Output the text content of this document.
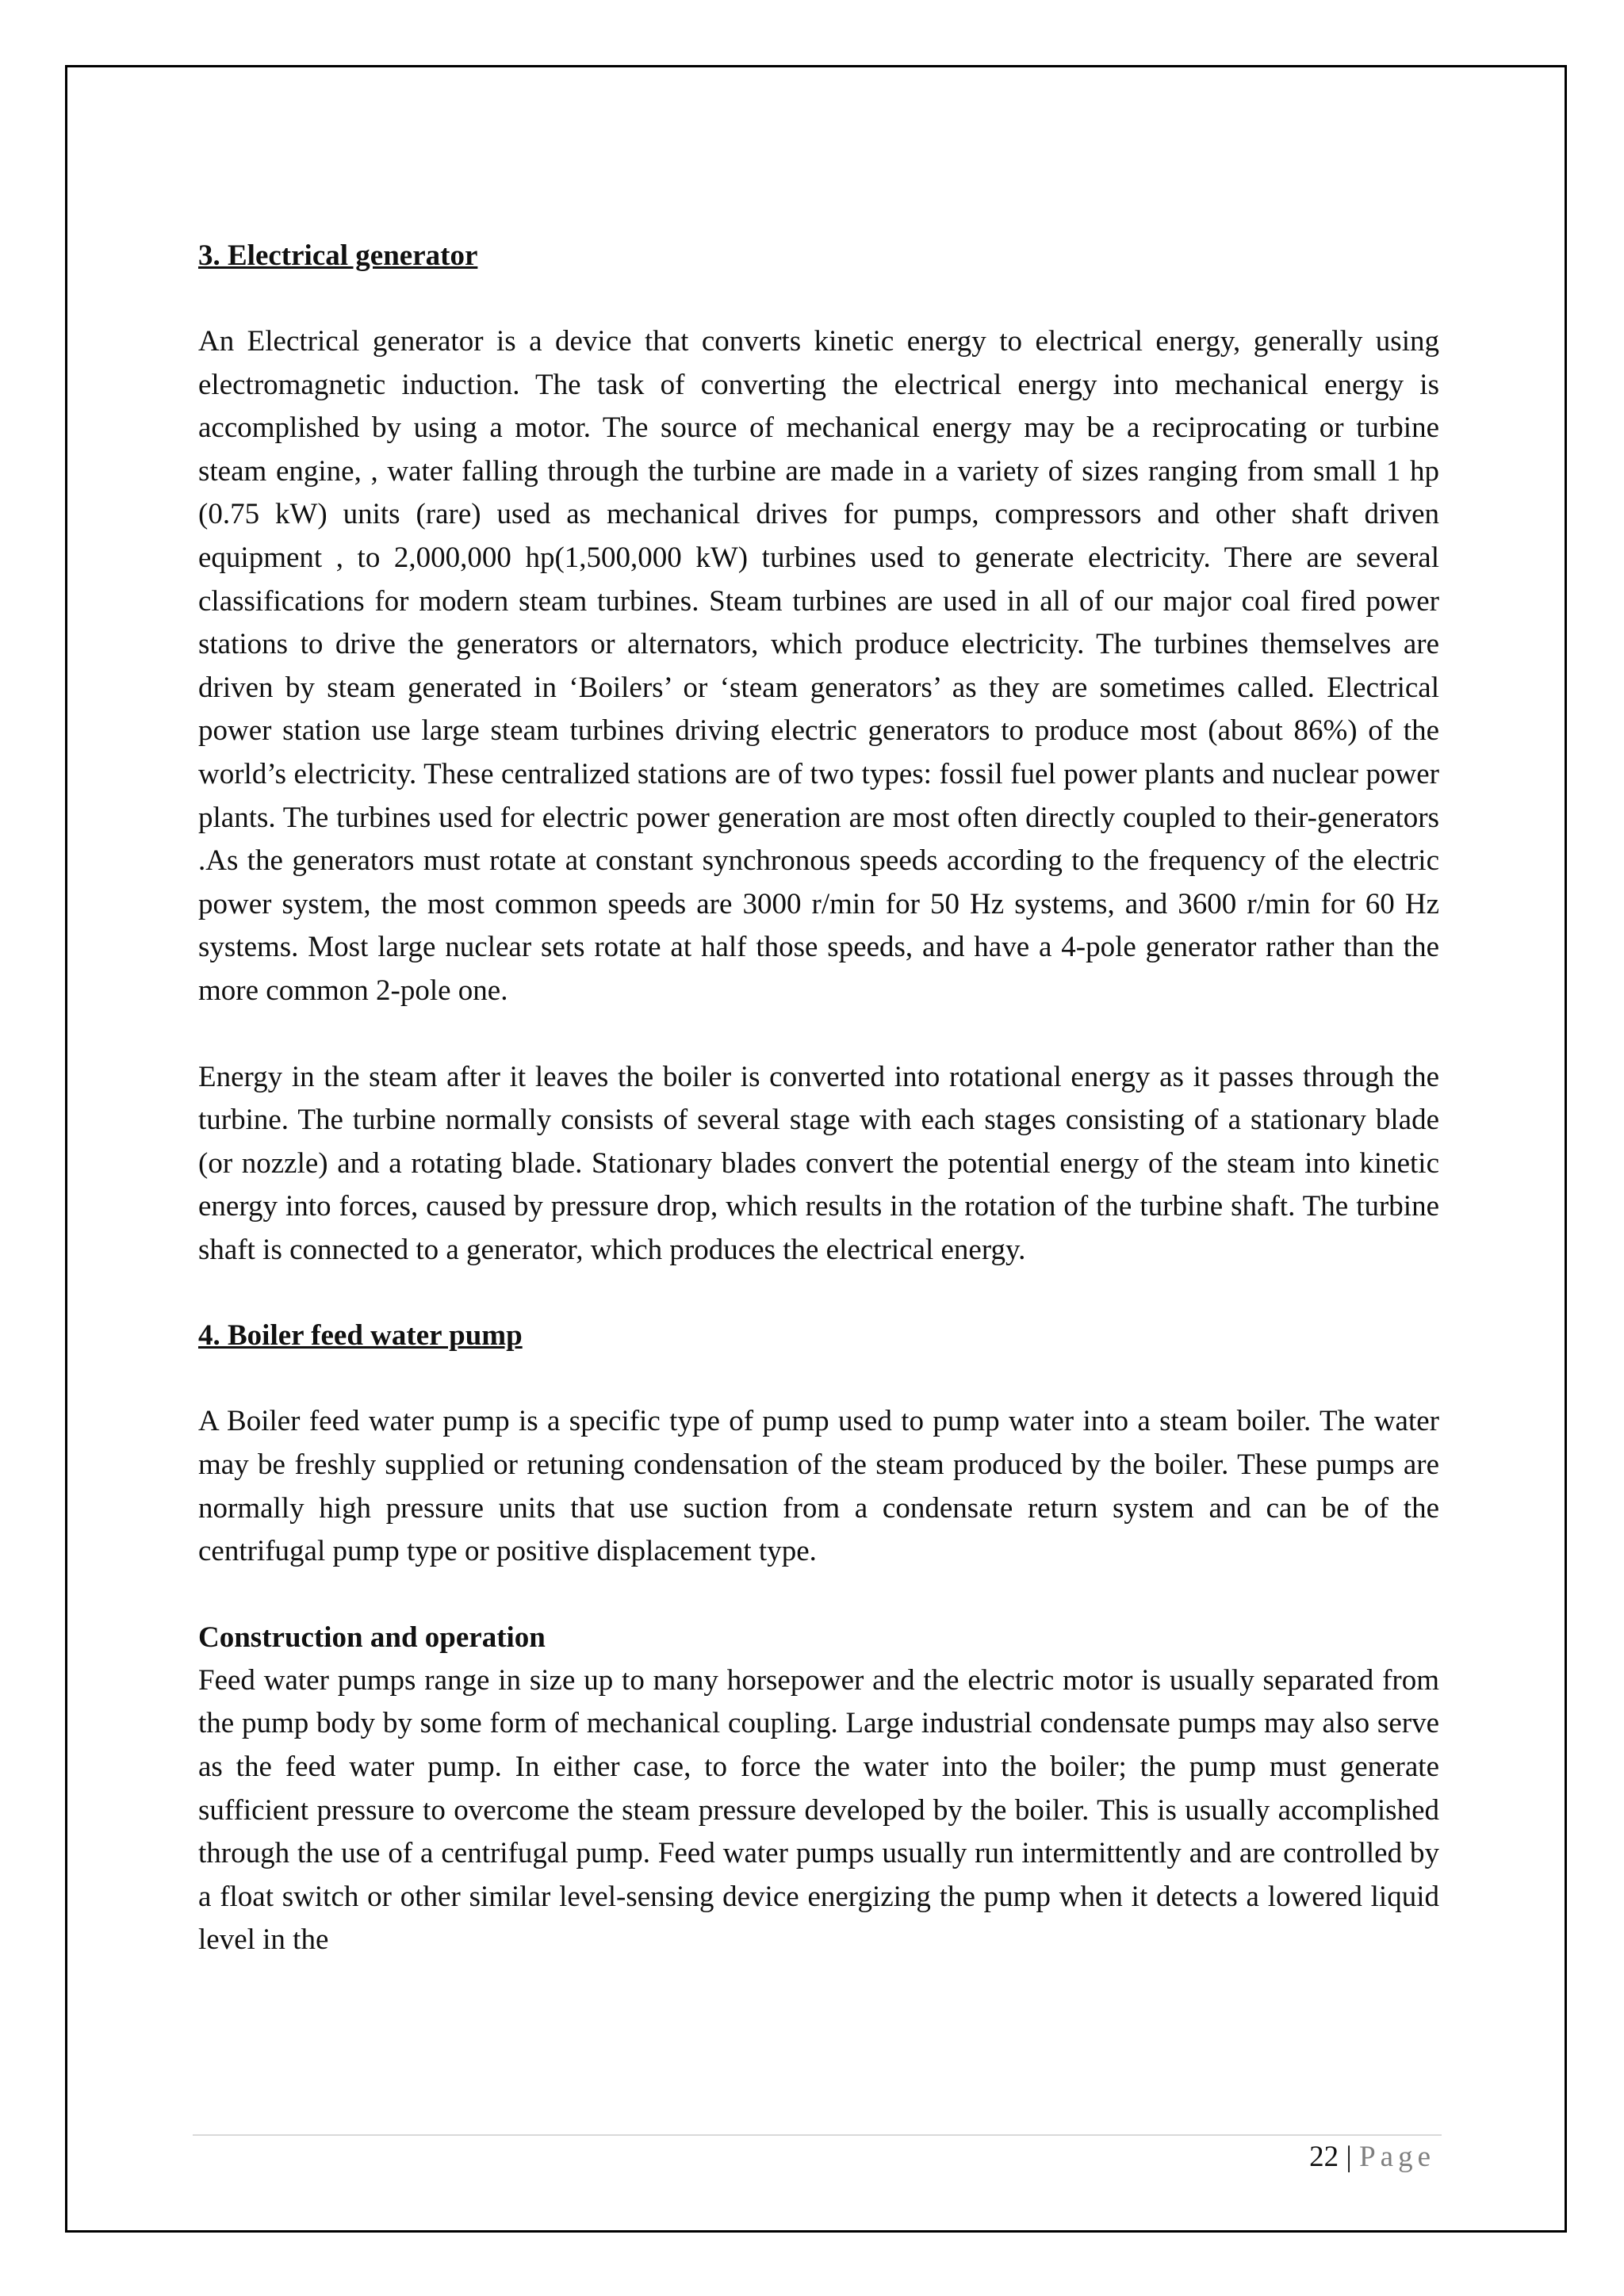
3. Electrical generator

An Electrical generator is a device that converts kinetic energy to electrical energy, generally using electromagnetic induction. The task of converting the electrical energy into mechanical energy is accomplished by using a motor. The source of mechanical energy may be a reciprocating or turbine steam engine, , water falling through the turbine are made in a variety of sizes ranging from small 1 hp (0.75 kW) units (rare) used as mechanical drives for pumps, compressors and other shaft driven equipment , to 2,000,000 hp(1,500,000 kW) turbines used to generate electricity. There are several classifications for modern steam turbines. Steam turbines are used in all of our major coal fired power stations to drive the generators or alternators, which produce electricity. The turbines themselves are driven by steam generated in ‘Boilers’ or ‘steam generators’ as they are sometimes called. Electrical power station use large steam turbines driving electric generators to produce most (about 86%) of the world’s electricity. These centralized stations are of two types: fossil fuel power plants and nuclear power plants. The turbines used for electric power generation are most often directly coupled to their-generators .As the generators must rotate at constant synchronous speeds according to the frequency of the electric power system, the most common speeds are 3000 r/min for 50 Hz systems, and 3600 r/min for 60 Hz systems. Most large nuclear sets rotate at half those speeds, and have a 4-pole generator rather than the more common 2-pole one.

Energy in the steam after it leaves the boiler is converted into rotational energy as it passes through the turbine. The turbine normally consists of several stage with each stages consisting of a stationary blade (or nozzle) and a rotating blade. Stationary blades convert the potential energy of the steam into kinetic energy into forces, caused by pressure drop, which results in the rotation of the turbine shaft. The turbine shaft is connected to a generator, which produces the electrical energy.

4. Boiler feed water pump

A Boiler feed water pump is a specific type of pump used to pump water into a steam boiler. The water may be freshly supplied or retuning condensation of the steam produced by the boiler. These pumps are normally high pressure units that use suction from a condensate return system and can be of the centrifugal pump type or positive displacement type.

Construction and operation

Feed water pumps range in size up to many horsepower and the electric motor is usually separated from the pump body by some form of mechanical coupling. Large industrial condensate pumps may also serve as the feed water pump. In either case, to force the water into the boiler; the pump must generate sufficient pressure to overcome the steam pressure developed by the boiler. This is usually accomplished through the use of a centrifugal pump. Feed water pumps usually run intermittently and are controlled by a float switch or other similar level-sensing device energizing the pump when it detects a lowered liquid level in the

22 | Page
